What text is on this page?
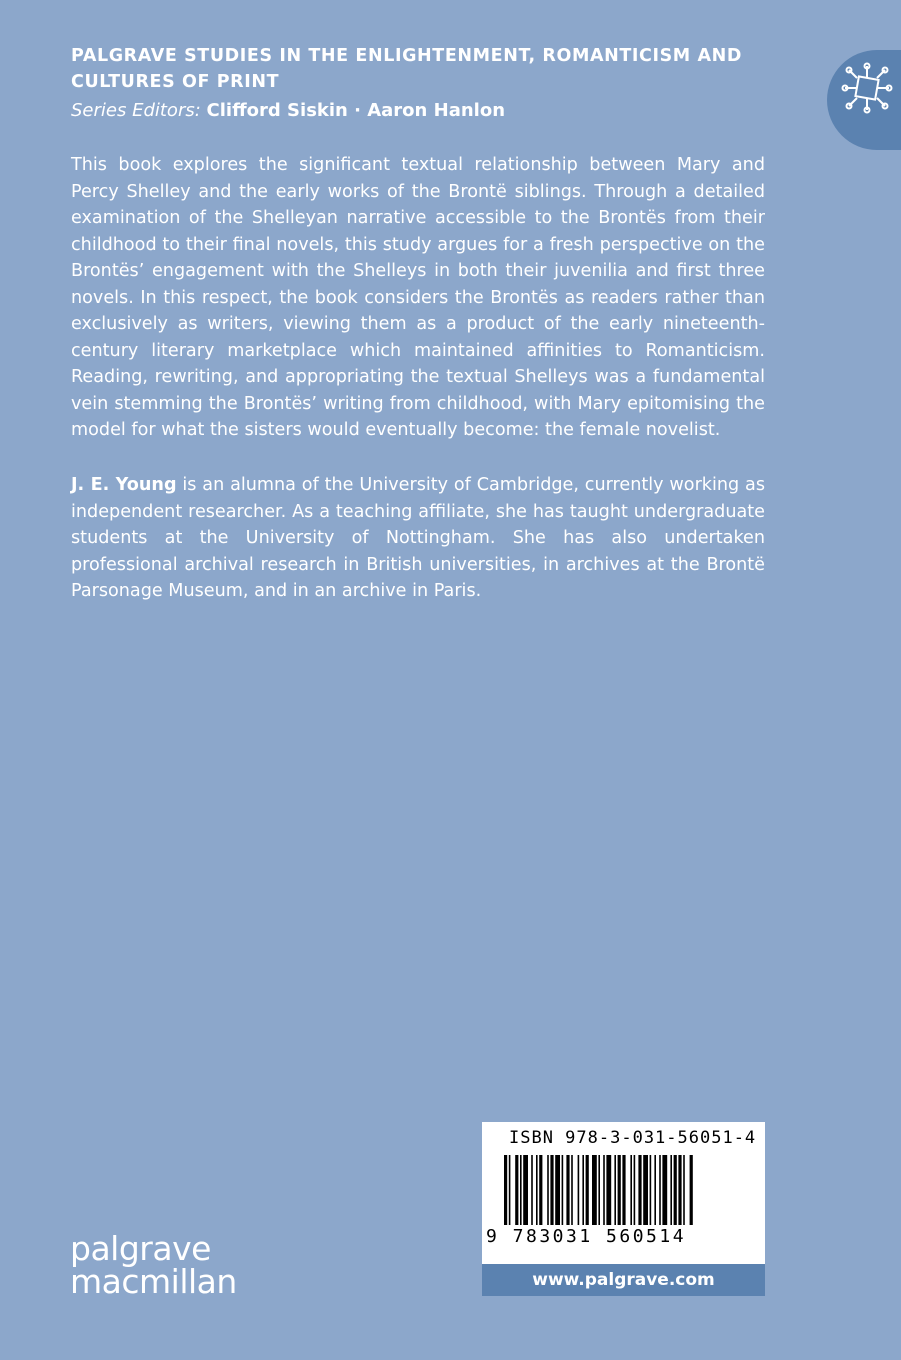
PALGRAVE STUDIES IN THE ENLIGHTENMENT, ROMANTICISM AND CULTURES OF PRINT
Series Editors: Clifford Siskin · Aaron Hanlon

This book explores the significant textual relationship between Mary and Percy Shelley and the early works of the Brontë siblings. Through a detailed examination of the Shelleyan narrative accessible to the Brontës from their childhood to their final novels, this study argues for a fresh perspective on the Brontës’ engagement with the Shelleys in both their juvenilia and first three novels. In this respect, the book considers the Brontës as readers rather than exclusively as writers, viewing them as a product of the early nineteenth-century literary marketplace which maintained affinities to Romanticism. Reading, rewriting, and appropriating the textual Shelleys was a fundamental vein stemming the Brontës’ writing from childhood, with Mary epitomising the model for what the sisters would eventually become: the female novelist.

J. E. Young is an alumna of the University of Cambridge, currently working as independent researcher. As a teaching affiliate, she has taught undergraduate students at the University of Nottingham. She has also undertaken professional archival research in British universities, in archives at the Brontë Parsonage Museum, and in an archive in Paris.

ISBN 978-3-031-56051-4
9 783031 560514
www.palgrave.com
palgrave
macmillan
